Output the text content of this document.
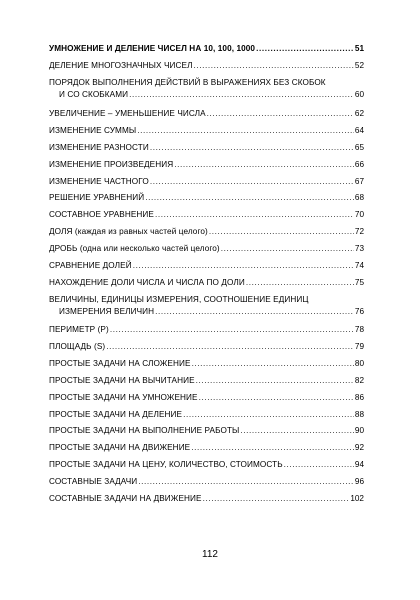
УМНОЖЕНИЕ И ДЕЛЕНИЕ ЧИСЕЛ НА 10, 100, 1000 .....	51
ДЕЛЕНИЕ МНОГОЗНАЧНЫХ ЧИСЕЛ .....	52
ПОРЯДОК ВЫПОЛНЕНИЯ ДЕЙСТВИЙ В ВЫРАЖЕНИЯХ БЕЗ СКОБОК
И СО СКОБКАМИ .....	60
УВЕЛИЧЕНИЕ – УМЕНЬШЕНИЕ ЧИСЛА .....	62
ИЗМЕНЕНИЕ СУММЫ .....	64
ИЗМЕНЕНИЕ РАЗНОСТИ .....	65
ИЗМЕНЕНИЕ ПРОИЗВЕДЕНИЯ .....	66
ИЗМЕНЕНИЕ ЧАСТНОГО .....	67
РЕШЕНИЕ УРАВНЕНИЙ .....	68
СОСТАВНОЕ УРАВНЕНИЕ .....	70
ДОЛЯ (каждая из равных частей целого) .....	72
ДРОБЬ (одна или несколько частей целого) .....	73
СРАВНЕНИЕ ДОЛЕЙ .....	74
НАХОЖДЕНИЕ ДОЛИ ЧИСЛА И ЧИСЛА ПО ДОЛИ .....	75
ВЕЛИЧИНЫ, ЕДИНИЦЫ ИЗМЕРЕНИЯ, СООТНОШЕНИЕ ЕДИНИЦ
ИЗМЕРЕНИЯ ВЕЛИЧИН .....	76
ПЕРИМЕТР (P) .....	78
ПЛОЩАДЬ (S) .....	79
ПРОСТЫЕ ЗАДАЧИ НА СЛОЖЕНИЕ .....	80
ПРОСТЫЕ ЗАДАЧИ НА ВЫЧИТАНИЕ .....	82
ПРОСТЫЕ ЗАДАЧИ НА УМНОЖЕНИЕ .....	86
ПРОСТЫЕ ЗАДАЧИ НА ДЕЛЕНИЕ .....	88
ПРОСТЫЕ ЗАДАЧИ НА ВЫПОЛНЕНИЕ РАБОТЫ .....	90
ПРОСТЫЕ ЗАДАЧИ НА ДВИЖЕНИЕ .....	92
ПРОСТЫЕ ЗАДАЧИ НА ЦЕНУ, КОЛИЧЕСТВО, СТОИМОСТЬ .....	94
СОСТАВНЫЕ ЗАДАЧИ .....	96
СОСТАВНЫЕ ЗАДАЧИ НА ДВИЖЕНИЕ .....	102
112
